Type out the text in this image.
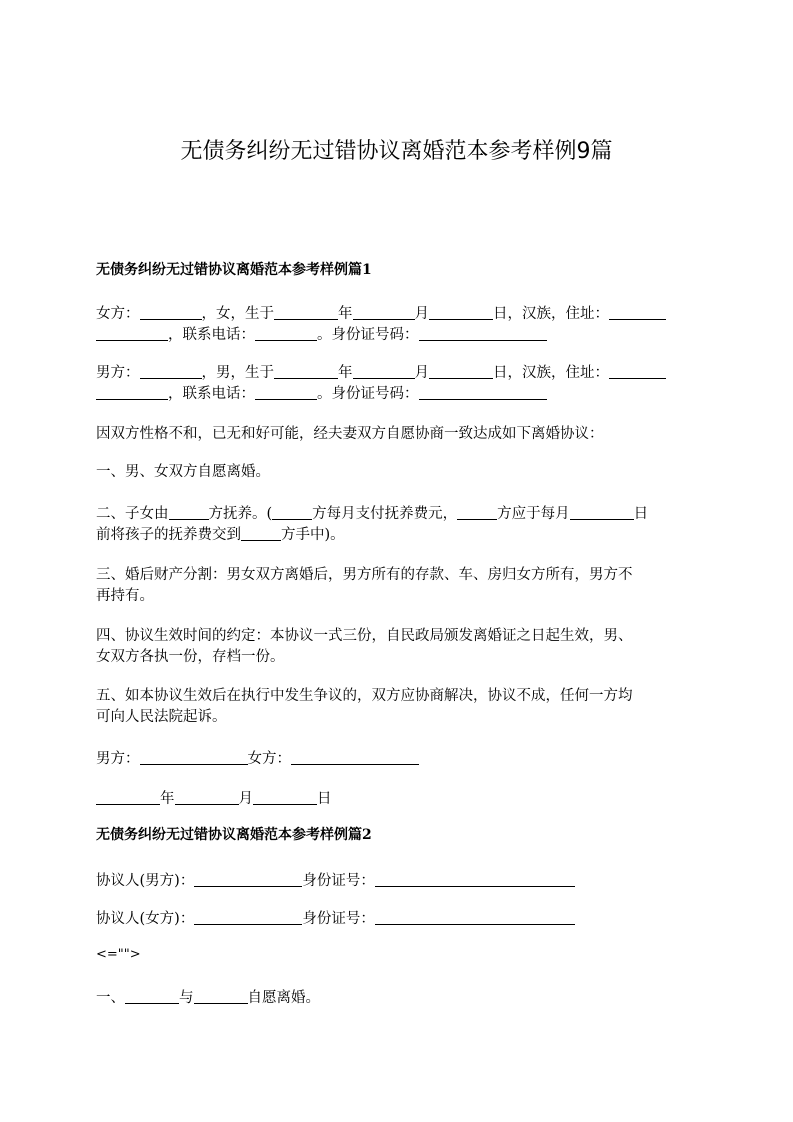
无债务纠纷无过错协议离婚范本参考样例9篇
无债务纠纷无过错协议离婚范本参考样例篇1
女方：	，女，生于	年	月	日，汉族，住址：
，联系电话：	。身份证号码：
男方：	，男，生于	年	月	日，汉族，住址：
，联系电话：	。身份证号码：
因双方性格不和，已无和好可能，经夫妻双方自愿协商一致达成如下离婚协议：
一、男、女双方自愿离婚。
二、子女由	方抚养。(	方每月支付抚养费元，	方应于每月	日
前将孩子的抚养费交到	方手中)。
三、婚后财产分割：男女双方离婚后，男方所有的存款、车、房归女方所有，男方不
再持有。
四、协议生效时间的约定：本协议一式三份，自民政局颁发离婚证之日起生效，男、
女双方各执一份，存档一份。
五、如本协议生效后在执行中发生争议的，双方应协商解决，协议不成，任何一方均
可向人民法院起诉。
男方：	女方：
年	月	日
无债务纠纷无过错协议离婚范本参考样例篇2
协议人(男方)：	身份证号：
协议人(女方)：	身份证号：
<="">
一、	与	自愿离婚。
